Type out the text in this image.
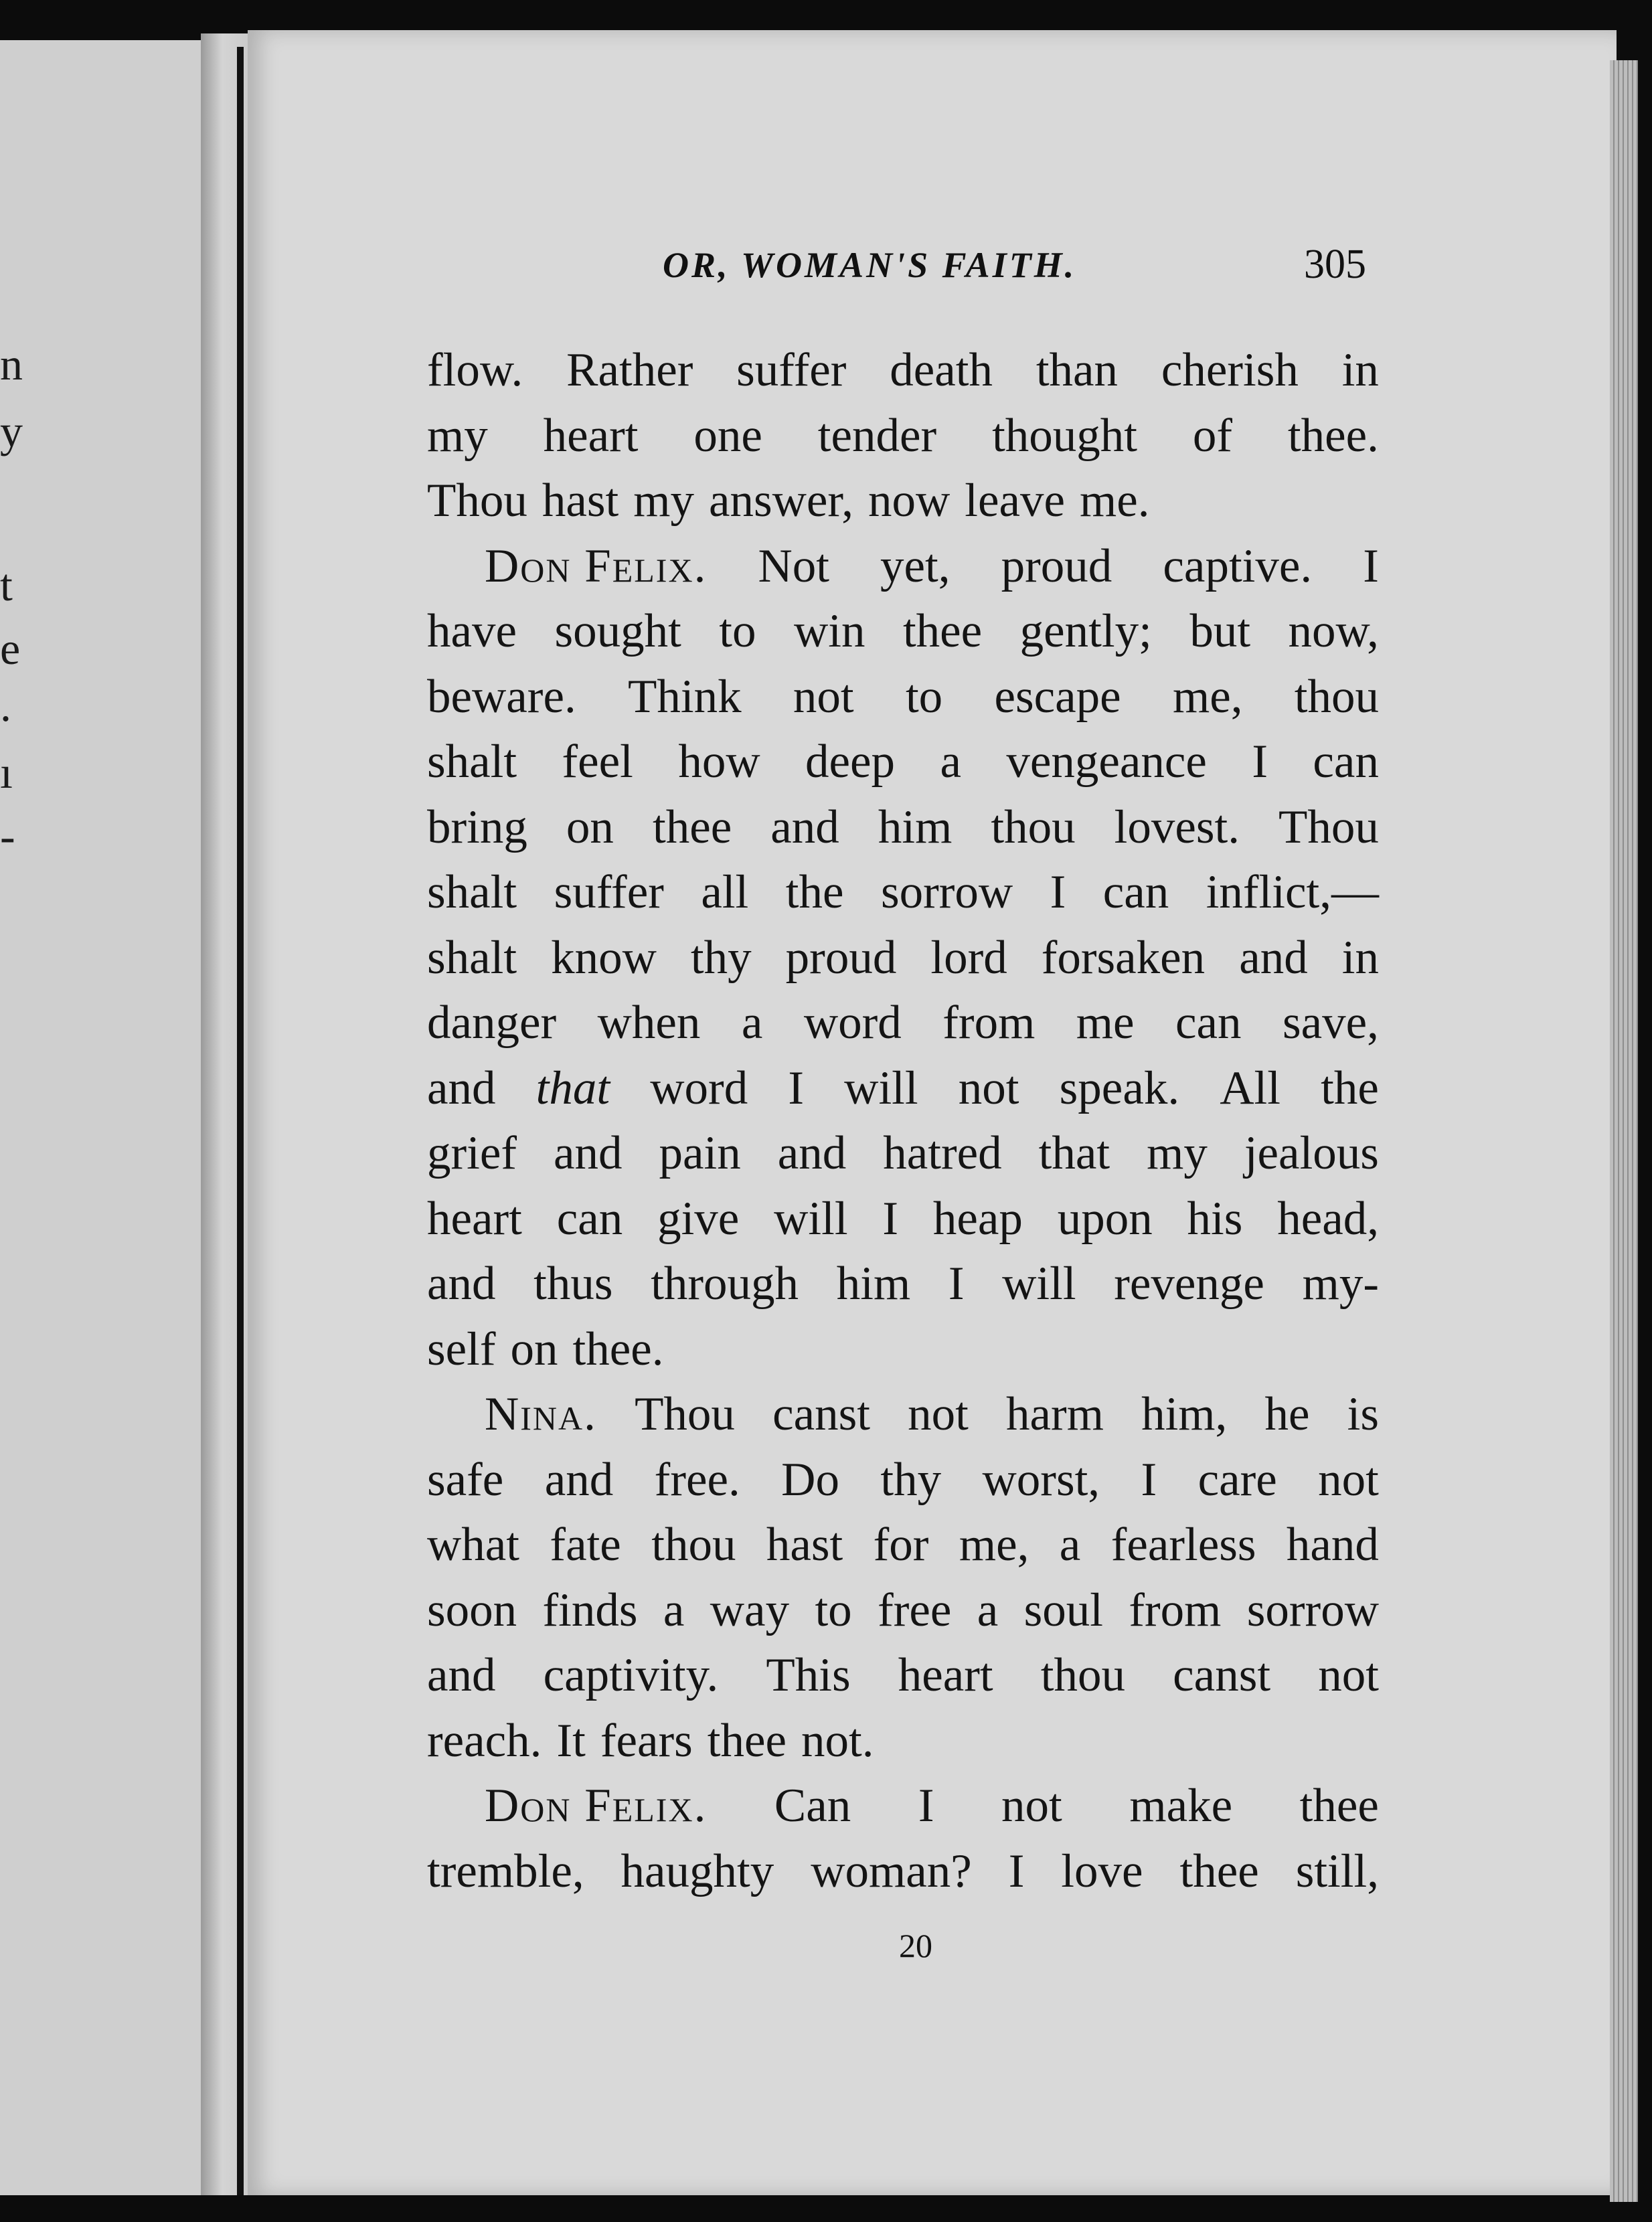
n
y
t
e
.
ı
-
OR, WOMAN'S FAITH.	305
flow. Rather suffer death than cherish in
my heart one tender thought of thee.
Thou hast my answer, now leave me.
Don Felix. Not yet, proud captive. I
have sought to win thee gently; but now,
beware. Think not to escape me, thou
shalt feel how deep a vengeance I can
bring on thee and him thou lovest. Thou
shalt suffer all the sorrow I can inflict,—
shalt know thy proud lord forsaken and in
danger when a word from me can save,
and that word I will not speak. All the
grief and pain and hatred that my jealous
heart can give will I heap upon his head,
and thus through him I will revenge my-
self on thee.
Nina. Thou canst not harm him, he is
safe and free. Do thy worst, I care not
what fate thou hast for me, a fearless hand
soon finds a way to free a soul from sorrow
and captivity. This heart thou canst not
reach. It fears thee not.
Don Felix. Can I not make thee
tremble, haughty woman? I love thee still,
20
